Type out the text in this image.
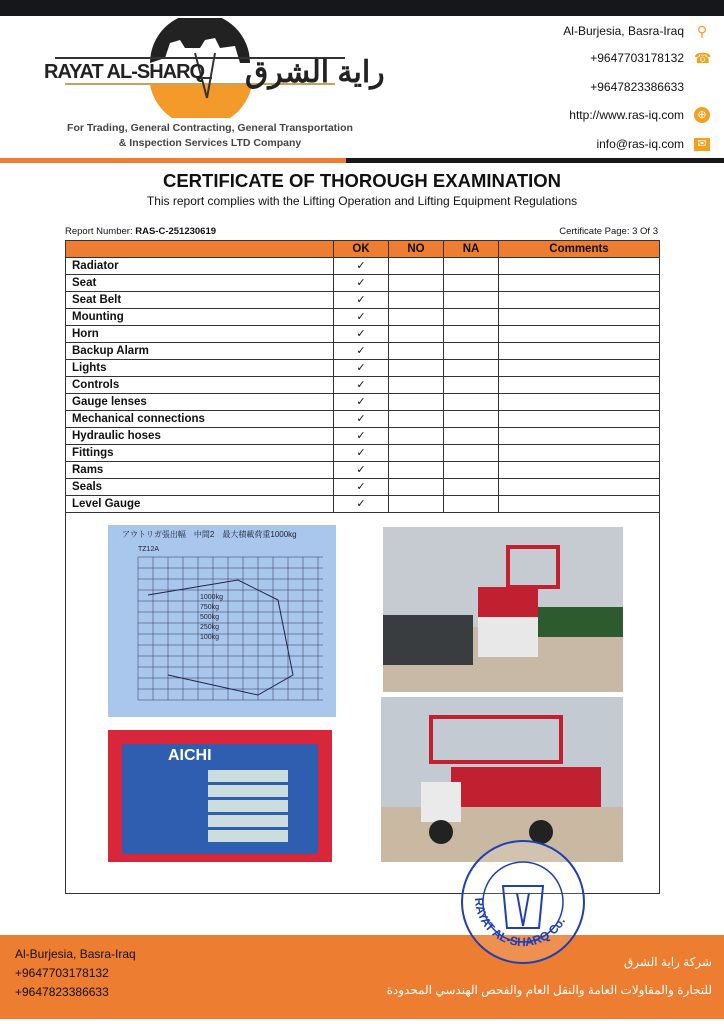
RAYAT AL-SHARQ راية الشرق
For Trading, General Contracting, General Transportation
& Inspection Services LTD Company
Al-Burjesia, Basra-Iraq ⚲
+9647703178132 ☎
+9647823386633
http://www.ras-iq.com	⊕
info@ras-iq.com	✉
CERTIFICATE OF THOROUGH EXAMINATION
This report complies with the Lifting Operation and Lifting Equipment Regulations
Report Number: RAS-C-251230619	Certificate Page: 3 Of 3
	OK	NO	NA	Comments
Radiator	✓			
Seat	✓			
Seat Belt	✓			
Mounting	✓			
Horn	✓			
Backup Alarm	✓			
Lights	✓			
Controls	✓			
Gauge lenses	✓			
Mechanical connections	✓			
Hydraulic hoses	✓			
Fittings	✓			
Rams	✓			
Seals	✓			
Level Gauge	✓			
アウトリガ張出幅　中間2　最大積載荷重1000kg
TZ12A
1000kg
750kg
500kg
250kg
100kg
AICHI
Al-Burjesia, Basra-Iraq
+9647703178132
+9647823386633
شركة راية الشرق
للتجارة والمقاولات العامة والنقل العام والفحص الهندسي المحدودة
RAYAT AL-SHARQ Co.
